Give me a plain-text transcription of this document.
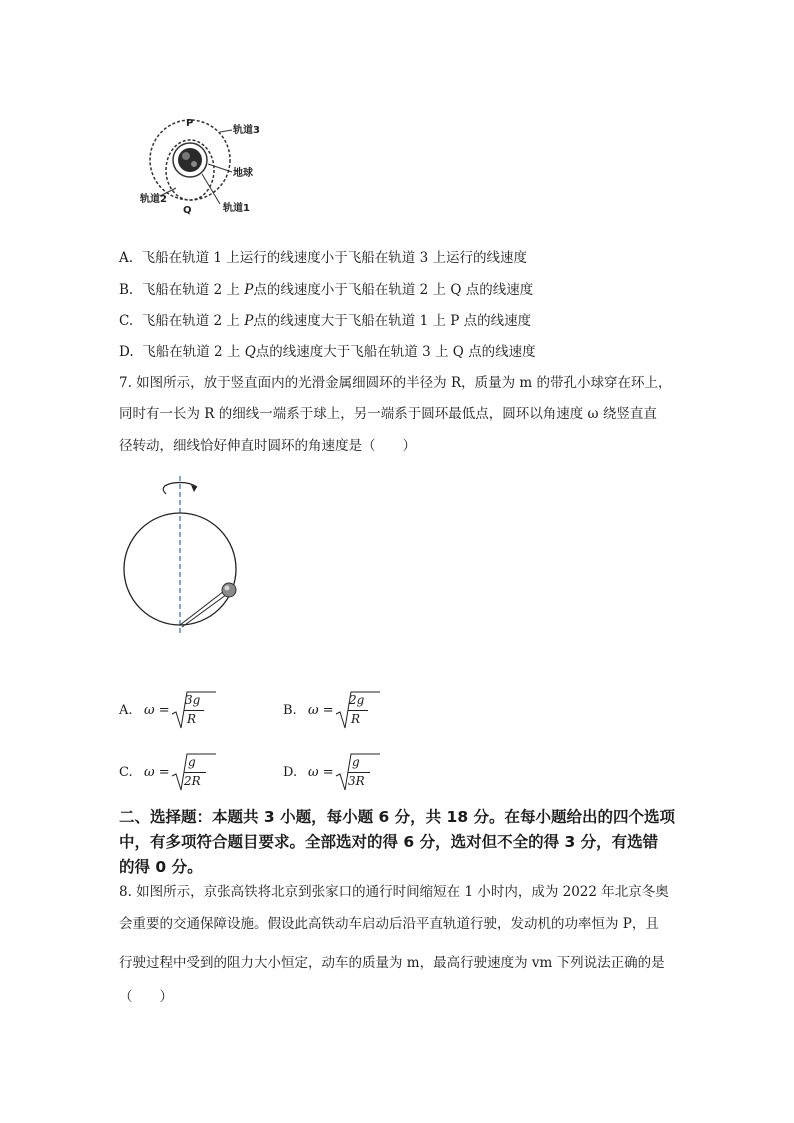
P
Q
轨道3
地球
轨道2
轨道1
A. 飞船在轨道 1 上运行的线速度小于飞船在轨道 3 上运行的线速度
B. 飞船在轨道 2 上 P点的线速度小于飞船在轨道 2 上 Q 点的线速度
C. 飞船在轨道 2 上 P点的线速度大于飞船在轨道 1 上 P 点的线速度
D. 飞船在轨道 2 上 Q点的线速度大于飞船在轨道 3 上 Q 点的线速度
7. 如图所示，放于竖直面内的光滑金属细圆环的半径为 R，质量为 m 的带孔小球穿在环上，
同时有一长为 R 的细线一端系于球上，另一端系于圆环最低点，圆环以角速度 ω 绕竖直直
径转动，细线恰好伸直时圆环的角速度是（　　）
A. ω =
3g
R
B. ω =
2g
R
C. ω =
g
2R
D. ω =
g
3R
二、选择题：本题共 3 小题，每小题 6 分，共 18 分。在每小题给出的四个选项
中，有多项符合题目要求。全部选对的得 6 分，选对但不全的得 3 分，有选错
的得 0 分。
8. 如图所示，京张高铁将北京到张家口的通行时间缩短在 1 小时内，成为 2022 年北京冬奥
会重要的交通保障设施。假设此高铁动车启动后沿平直轨道行驶，发动机的功率恒为 P，且
行驶过程中受到的阻力大小恒定，动车的质量为 m，最高行驶速度为 vm 下列说法正确的是
（　　）
